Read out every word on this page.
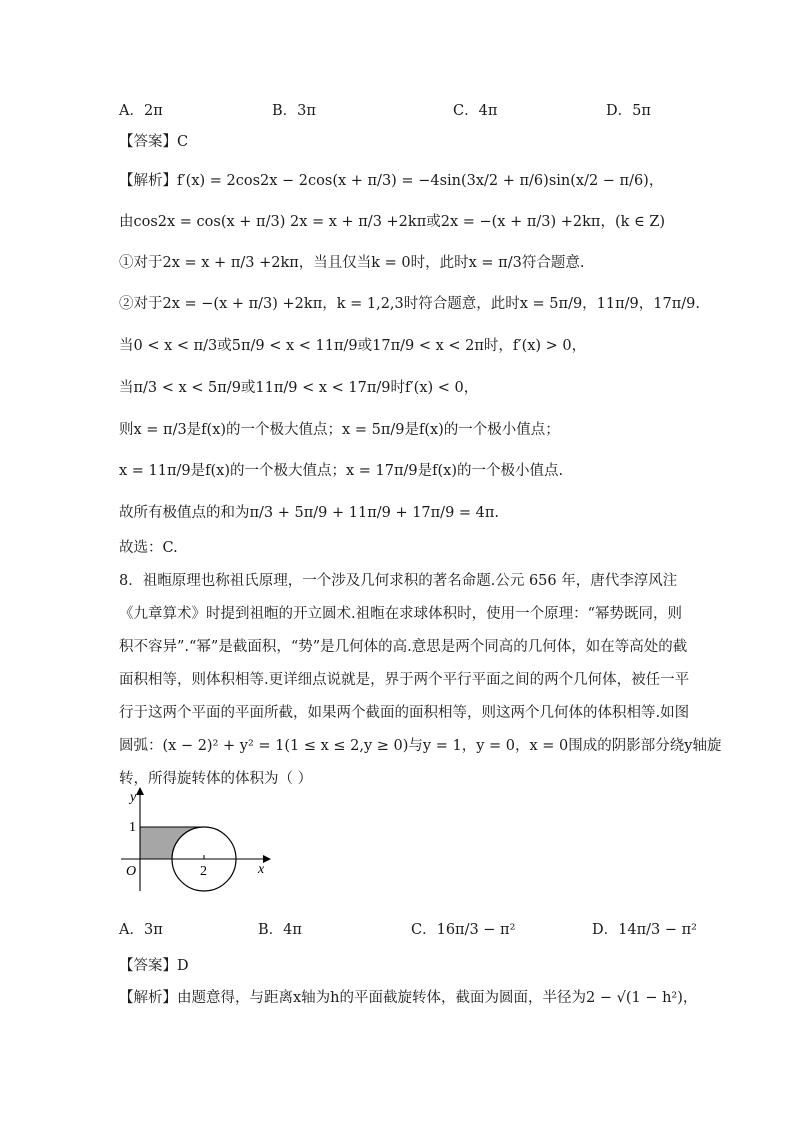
A．2π	B．3π	C．4π	D．5π
【答案】C
【解析】f′(x) = 2cos2x − 2cos(x + π/3) = −4sin(3x/2 + π/6)sin(x/2 − π/6)，
由cos2x = cos(x + π/3) 2x = x + π/3 +2kπ或2x = −(x + π/3) +2kπ，(k ∈ Z)
①对于2x = x + π/3 +2kπ，当且仅当k = 0时，此时x = π/3符合题意.
②对于2x = −(x + π/3) +2kπ，k = 1,2,3时符合题意，此时x = 5π/9，11π/9，17π/9.
当0 < x < π/3或5π/9 < x < 11π/9或17π/9 < x < 2π时，f′(x) > 0，
当π/3 < x < 5π/9或11π/9 < x < 17π/9时f′(x) < 0，
则x = π/3是f(x)的一个极大值点；x = 5π/9是f(x)的一个极小值点；
x = 11π/9是f(x)的一个极大值点；x = 17π/9是f(x)的一个极小值点.
故所有极值点的和为π/3 + 5π/9 + 11π/9 + 17π/9 = 4π.
故选：C.
8．祖暅原理也称祖氏原理，一个涉及几何求积的著名命题.公元 656 年，唐代李淳风注
《九章算术》时提到祖暅的开立圆术.祖暅在求球体积时，使用一个原理：“幂势既同，则
积不容异”.“幂”是截面积，“势”是几何体的高.意思是两个同高的几何体，如在等高处的截
面积相等，则体积相等.更详细点说就是，界于两个平行平面之间的两个几何体，被任一平
行于这两个平面的平面所截，如果两个截面的面积相等，则这两个几何体的体积相等.如图
圆弧：(x − 2)² + y² = 1(1 ≤ x ≤ 2,y ≥ 0)与y = 1，y = 0，x = 0围成的阴影部分绕y轴旋
转，所得旋转体的体积为（ ）
y
x
O
1
2
A．3π	B．4π	C．16π/3 − π²	D．14π/3 − π²
【答案】D
【解析】由题意得，与距离x轴为h的平面截旋转体，截面为圆面，半径为2 − √(1 − h²)，
